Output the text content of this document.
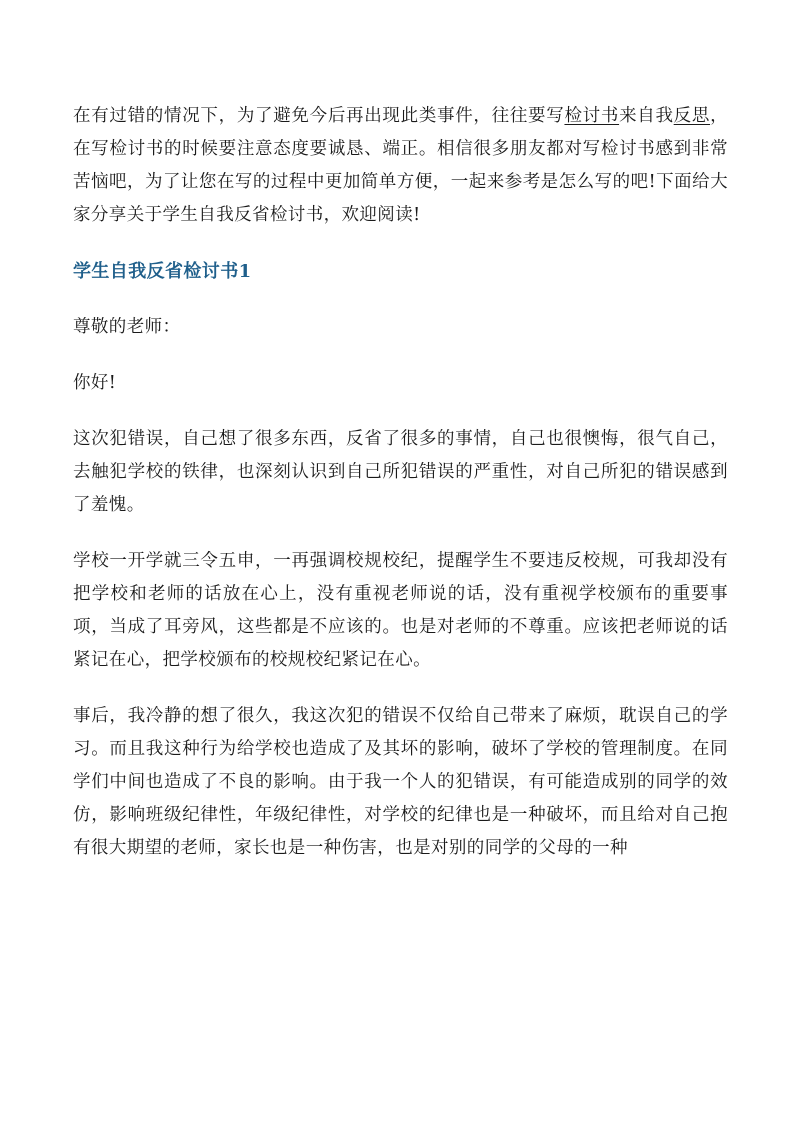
在有过错的情况下，为了避免今后再出现此类事件，往往要写检讨书来自我反思，在写检讨书的时候要注意态度要诚恳、端正。相信很多朋友都对写检讨书感到非常苦恼吧，为了让您在写的过程中更加简单方便，一起来参考是怎么写的吧!下面给大家分享关于学生自我反省检讨书，欢迎阅读!

学生自我反省检讨书1

尊敬的老师：

你好!

这次犯错误，自己想了很多东西，反省了很多的事情，自己也很懊悔，很气自己，去触犯学校的铁律，也深刻认识到自己所犯错误的严重性，对自己所犯的错误感到了羞愧。

学校一开学就三令五申，一再强调校规校纪，提醒学生不要违反校规，可我却没有把学校和老师的话放在心上，没有重视老师说的话，没有重视学校颁布的重要事项，当成了耳旁风，这些都是不应该的。也是对老师的不尊重。应该把老师说的话紧记在心，把学校颁布的校规校纪紧记在心。

事后，我冷静的想了很久，我这次犯的错误不仅给自己带来了麻烦，耽误自己的学习。而且我这种行为给学校也造成了及其坏的影响，破坏了学校的管理制度。在同学们中间也造成了不良的影响。由于我一个人的犯错误，有可能造成别的同学的效仿，影响班级纪律性，年级纪律性，对学校的纪律也是一种破坏，而且给对自己抱有很大期望的老师，家长也是一种伤害，也是对别的同学的父母的一种
